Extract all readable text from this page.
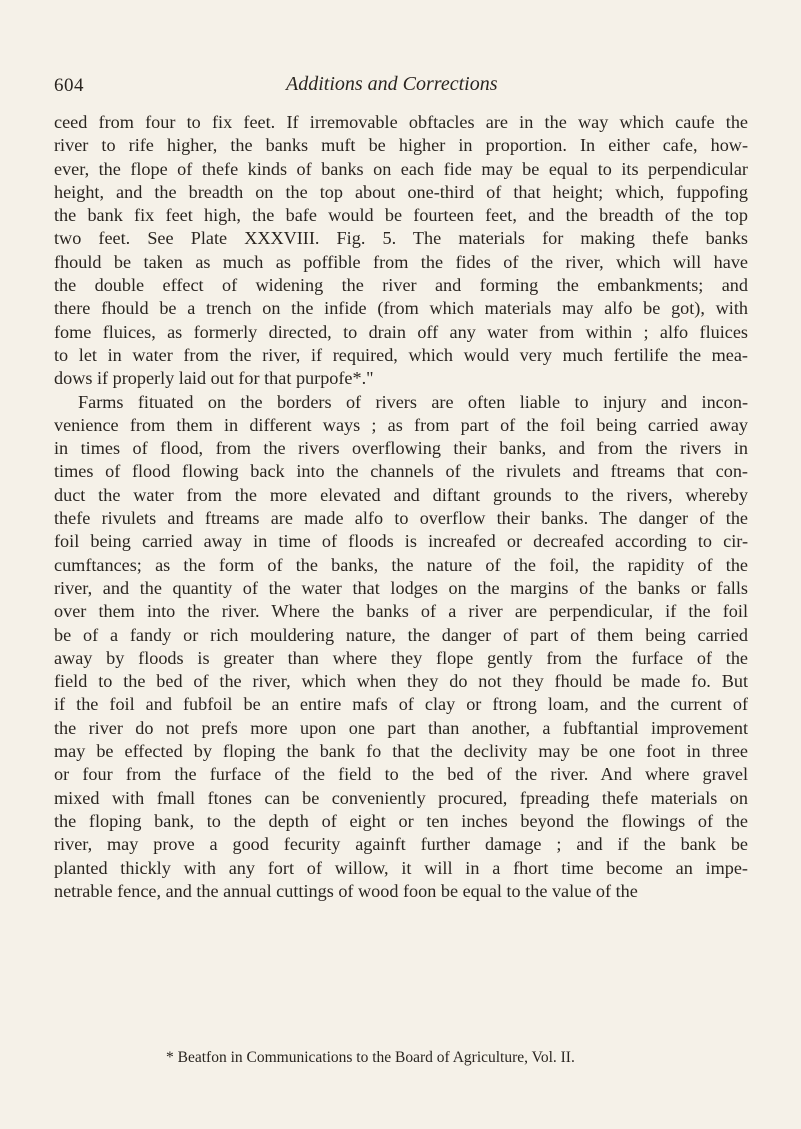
604	Additions and Corrections
ceed from four to fix feet. If irremovable obftacles are in the way which caufe the
river to rife higher, the banks muft be higher in proportion. In either cafe, how-
ever, the flope of thefe kinds of banks on each fide may be equal to its perpendicular
height, and the breadth on the top about one-third of that height; which, fuppofing
the bank fix feet high, the bafe would be fourteen feet, and the breadth of the top
two feet. See Plate XXXVIII. Fig. 5. The materials for making thefe banks
fhould be taken as much as poffible from the fides of the river, which will have
the double effect of widening the river and forming the embankments; and
there fhould be a trench on the infide (from which materials may alfo be got), with
fome fluices, as formerly directed, to drain off any water from within ; alfo fluices
to let in water from the river, if required, which would very much fertilife the mea-
dows if properly laid out for that purpofe*."
Farms fituated on the borders of rivers are often liable to injury and incon-
venience from them in different ways ; as from part of the foil being carried away
in times of flood, from the rivers overflowing their banks, and from the rivers in
times of flood flowing back into the channels of the rivulets and ftreams that con-
duct the water from the more elevated and diftant grounds to the rivers, whereby
thefe rivulets and ftreams are made alfo to overflow their banks. The danger of the
foil being carried away in time of floods is increafed or decreafed according to cir-
cumftances; as the form of the banks, the nature of the foil, the rapidity of the
river, and the quantity of the water that lodges on the margins of the banks or falls
over them into the river. Where the banks of a river are perpendicular, if the foil
be of a fandy or rich mouldering nature, the danger of part of them being carried
away by floods is greater than where they flope gently from the furface of the
field to the bed of the river, which when they do not they fhould be made fo. But
if the foil and fubfoil be an entire mafs of clay or ftrong loam, and the current of
the river do not prefs more upon one part than another, a fubftantial improvement
may be effected by floping the bank fo that the declivity may be one foot in three
or four from the furface of the field to the bed of the river. And where gravel
mixed with fmall ftones can be conveniently procured, fpreading thefe materials on
the floping bank, to the depth of eight or ten inches beyond the flowings of the
river, may prove a good fecurity againft further damage ; and if the bank be
planted thickly with any fort of willow, it will in a fhort time become an impe-
netrable fence, and the annual cuttings of wood foon be equal to the value of the
* Beatfon in Communications to the Board of Agriculture, Vol. II.
